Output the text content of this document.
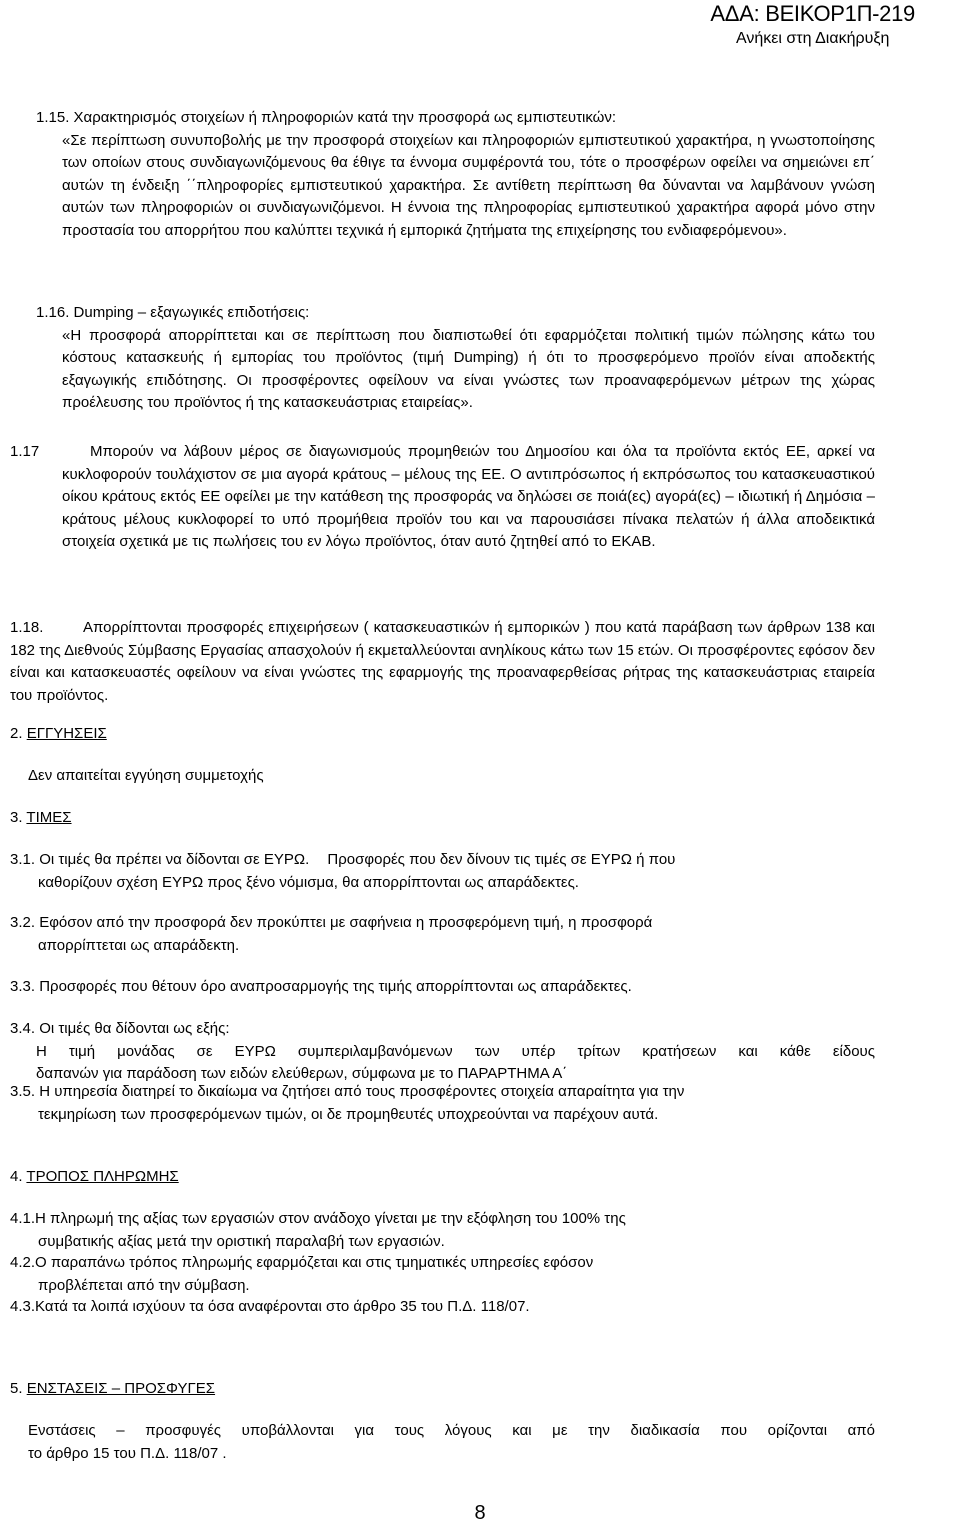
ΑΔΑ: ΒΕΙΚΟΡ1Π-219
Ανήκει στη Διακήρυξη
1.15. Χαρακτηρισμός στοιχείων ή πληροφοριών κατά την προσφορά ως εμπιστευτικών:

«Σε περίπτωση συνυποβολής με την προσφορά στοιχείων και πληροφοριών εμπιστευτικού χαρακτήρα, η γνωστοποίησης των οποίων στους συνδιαγωνιζόμενους θα έθιγε τα έννομα συμφέροντά του, τότε ο προσφέρων οφείλει να σημειώνει επ΄ αυτών τη ένδειξη ΄΄πληροφορίες εμπιστευτικού χαρακτήρα. Σε αντίθετη περίπτωση θα δύνανται να λαμβάνουν γνώση αυτών των πληροφοριών οι συνδιαγωνιζόμενοι. Η έννοια της πληροφορίας εμπιστευτικού χαρακτήρα αφορά μόνο στην προστασία του απορρήτου που καλύπτει τεχνικά ή εμπορικά ζητήματα της επιχείρησης του ενδιαφερόμενου».

1.16. Dumping – εξαγωγικές επιδοτήσεις:

«Η προσφορά απορρίπτεται και σε περίπτωση που διαπιστωθεί ότι εφαρμόζεται πολιτική τιμών πώλησης κάτω του κόστους κατασκευής ή εμπορίας του προϊόντος (τιμή Dumping) ή ότι το προσφερόμενο προϊόν είναι αποδεκτής εξαγωγικής επιδότησης. Οι προσφέροντες οφείλουν να είναι γνώστες των προαναφερόμενων μέτρων της χώρας προέλευσης του προϊόντος ή της κατασκευάστριας εταιρείας».

1.17	Μπορούν να λάβουν μέρος σε διαγωνισμούς προμηθειών του Δημοσίου και όλα τα προϊόντα εκτός ΕΕ, αρκεί να κυκλοφορούν τουλάχιστον σε μια αγορά κράτους – μέλους της ΕΕ. Ο αντιπρόσωπος ή εκπρόσωπος του κατασκευαστικού οίκου κράτους εκτός ΕΕ οφείλει με την κατάθεση της προσφοράς να δηλώσει σε ποιά(ες) αγορά(ες) – ιδιωτική ή Δημόσια – κράτους μέλους κυκλοφορεί το υπό προμήθεια προϊόν του και να παρουσιάσει πίνακα πελατών ή άλλα αποδεικτικά στοιχεία σχετικά με τις πωλήσεις του εν λόγω προϊόντος, όταν αυτό ζητηθεί από το ΕΚΑΒ.

1.18.	Απορρίπτονται προσφορές επιχειρήσεων ( κατασκευαστικών ή εμπορικών ) που κατά παράβαση των άρθρων 138 και 182 της Διεθνούς Σύμβασης Εργασίας απασχολούν ή εκμεταλλεύονται ανηλίκους κάτω των 15 ετών. Οι προσφέροντες εφόσον δεν είναι και κατασκευαστές οφείλουν να είναι γνώστες της εφαρμογής της προαναφερθείσας ρήτρας της κατασκευάστριας εταιρεία του προϊόντος.

2. ΕΓΓΥΗΣΕΙΣ
Δεν απαιτείται εγγύηση συμμετοχής
3. ΤΙΜΕΣ
3.1. Οι τιμές θα πρέπει να δίδονται σε ΕΥΡΩ. Προσφορές που δεν δίνουν τις τιμές σε ΕΥΡΩ ή που
καθορίζουν σχέση ΕΥΡΩ προς ξένο νόμισμα, θα απορρίπτονται ως απαράδεκτες.
3.2. Εφόσον από την προσφορά δεν προκύπτει με σαφήνεια η προσφερόμενη τιμή, η προσφορά
απορρίπτεται ως απαράδεκτη.
3.3. Προσφορές που θέτουν όρο αναπροσαρμογής της τιμής απορρίπτονται ως απαράδεκτες.
3.4. Οι τιμές θα δίδονται ως εξής:
Η τιμή μονάδας σε ΕΥΡΩ συμπεριλαμβανόμενων των υπέρ τρίτων κρατήσεων και κάθε είδους
δαπανών για παράδοση των ειδών ελεύθερων, σύμφωνα με το ΠΑΡΑΡΤΗΜΑ Α΄
3.5. Η υπηρεσία διατηρεί το δικαίωμα να ζητήσει από τους προσφέροντες στοιχεία απαραίτητα για την
τεκμηρίωση των προσφερόμενων τιμών, οι δε προμηθευτές υποχρεούνται να παρέχουν αυτά.
4. ΤΡΟΠΟΣ ΠΛΗΡΩΜΗΣ
4.1.Η πληρωμή της αξίας των εργασιών στον ανάδοχο γίνεται με την εξόφληση του 100% της
συμβατικής αξίας μετά την οριστική παραλαβή των εργασιών.
4.2.Ο παραπάνω τρόπος πληρωμής εφαρμόζεται και στις τμηματικές υπηρεσίες εφόσον
προβλέπεται από την σύμβαση.
4.3.Κατά τα λοιπά ισχύουν τα όσα αναφέρονται στο άρθρο 35 του Π.Δ. 118/07.
5. ΕΝΣΤΑΣΕΙΣ – ΠΡΟΣΦΥΓΕΣ
Ενστάσεις – προσφυγές υποβάλλονται για τους λόγους και με την διαδικασία που ορίζονται από
το άρθρο 15 του Π.Δ. 118/07 .
8
